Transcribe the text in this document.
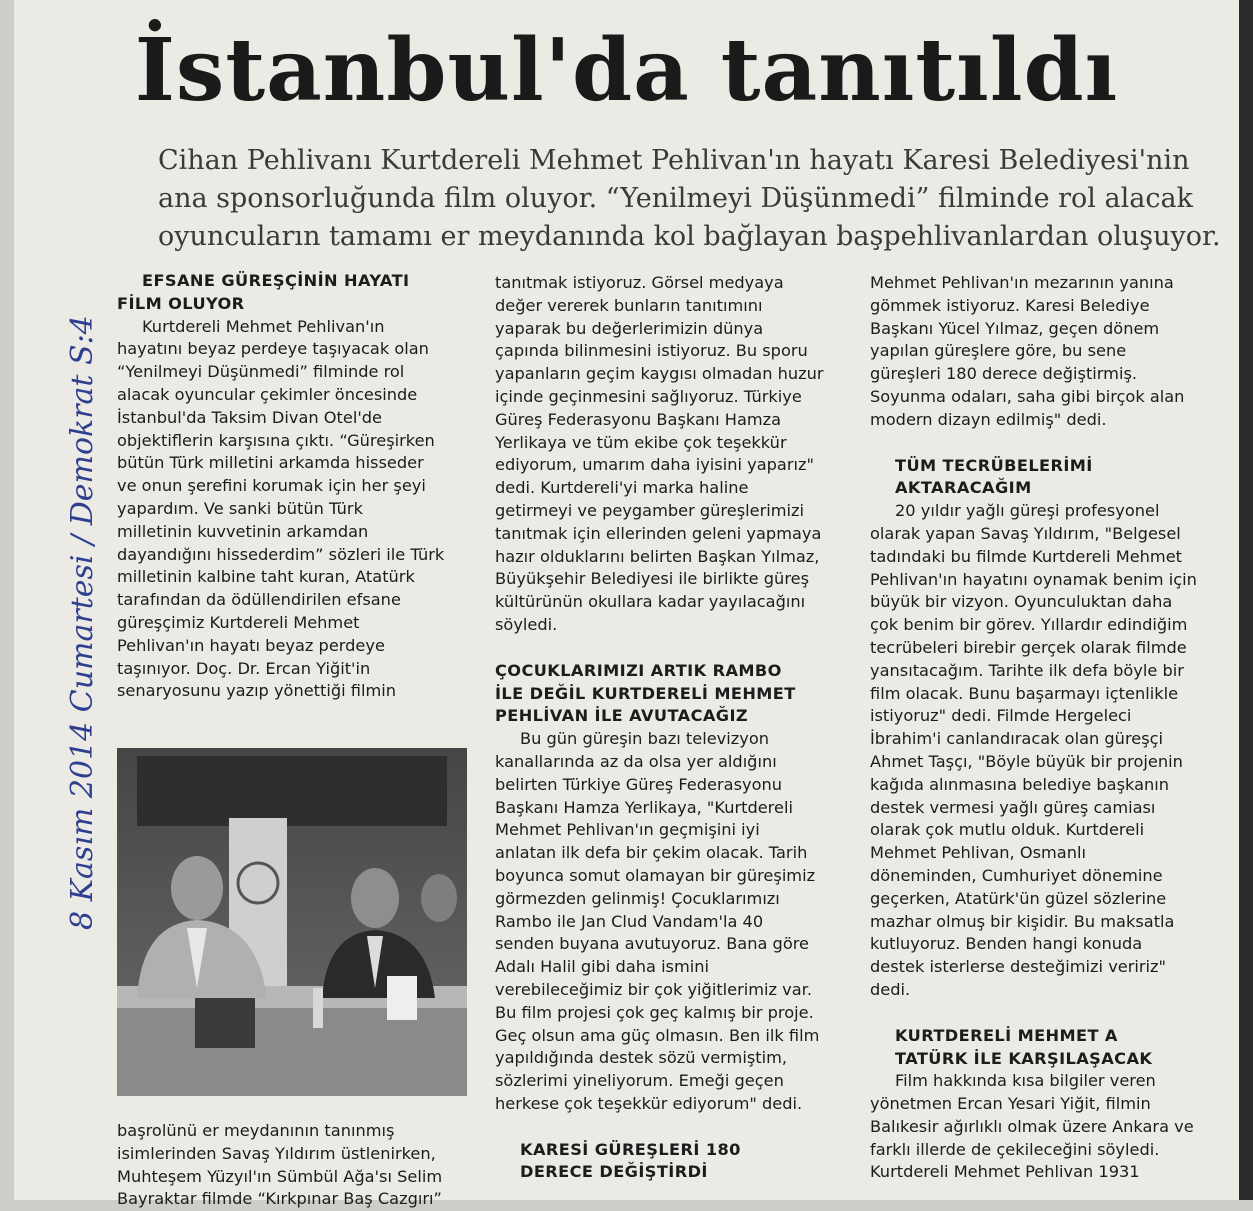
İstanbul'da tanıtıldı
Cihan Pehlivanı Kurtdereli Mehmet Pehlivan'ın hayatı Karesi Belediyesi'nin
ana sponsorluğunda film oluyor. “Yenilmeyi Düşünmedi” filminde rol alacak
oyuncuların tamamı er meydanında kol bağlayan başpehlivanlardan oluşuyor.
8 Kasım 2014 Cumartesi / Demokrat S:4
EFSANE GÜREŞÇİNİN HAYATI
FİLM OLUYOR
Kurtdereli Mehmet Pehlivan'ın
hayatını beyaz perdeye taşıyacak olan
“Yenilmeyi Düşünmedi” filminde rol
alacak oyuncular çekimler öncesinde
İstanbul'da Taksim Divan Otel'de
objektiflerin karşısına çıktı. “Güreşirken
bütün Türk milletini arkamda hisseder
ve onun şerefini korumak için her şeyi
yapardım. Ve sanki bütün Türk
milletinin kuvvetinin arkamdan
dayandığını hissederdim” sözleri ile Türk
milletinin kalbine taht kuran, Atatürk
tarafından da ödüllendirilen efsane
güreşçimiz Kurtdereli Mehmet
Pehlivan'ın hayatı beyaz perdeye
taşınıyor. Doç. Dr. Ercan Yiğit'in
senaryosunu yazıp yönettiği filmin
başrolünü er meydanının tanınmış
isimlerinden Savaş Yıldırım üstlenirken,
Muhteşem Yüzyıl'ın Sümbül Ağa'sı Selim
Bayraktar filmde “Kırkpınar Baş Cazgırı”
tanıtmak istiyoruz. Görsel medyaya
değer vererek bunların tanıtımını
yaparak bu değerlerimizin dünya
çapında bilinmesini istiyoruz. Bu sporu
yapanların geçim kaygısı olmadan huzur
içinde geçinmesini sağlıyoruz. Türkiye
Güreş Federasyonu Başkanı Hamza
Yerlikaya ve tüm ekibe çok teşekkür
ediyorum, umarım daha iyisini yaparız"
dedi. Kurtdereli'yi marka haline
getirmeyi ve peygamber güreşlerimizi
tanıtmak için ellerinden geleni yapmaya
hazır olduklarını belirten Başkan Yılmaz,
Büyükşehir Belediyesi ile birlikte güreş
kültürünün okullara kadar yayılacağını
söyledi.
ÇOCUKLARIMIZI ARTIK RAMBO
İLE DEĞİL KURTDERELİ MEHMET
PEHLİVAN İLE AVUTACAĞIZ
Bu gün güreşin bazı televizyon
kanallarında az da olsa yer aldığını
belirten Türkiye Güreş Federasyonu
Başkanı Hamza Yerlikaya, "Kurtdereli
Mehmet Pehlivan'ın geçmişini iyi
anlatan ilk defa bir çekim olacak. Tarih
boyunca somut olamayan bir güreşimiz
görmezden gelinmiş! Çocuklarımızı
Rambo ile Jan Clud Vandam'la 40
senden buyana avutuyoruz. Bana göre
Adalı Halil gibi daha ismini
verebileceğimiz bir çok yiğitlerimiz var.
Bu film projesi çok geç kalmış bir proje.
Geç olsun ama güç olmasın. Ben ilk film
yapıldığında destek sözü vermiştim,
sözlerimi yineliyorum. Emeği geçen
herkese çok teşekkür ediyorum" dedi.
KARESİ GÜREŞLERİ 180
DERECE DEĞİŞTİRDİ
Mehmet Pehlivan'ın mezarının yanına
gömmek istiyoruz. Karesi Belediye
Başkanı Yücel Yılmaz, geçen dönem
yapılan güreşlere göre, bu sene
güreşleri 180 derece değiştirmiş.
Soyunma odaları, saha gibi birçok alan
modern dizayn edilmiş" dedi.
TÜM TECRÜBELERİMİ
AKTARACAĞIM
20 yıldır yağlı güreşi profesyonel
olarak yapan Savaş Yıldırım, "Belgesel
tadındaki bu filmde Kurtdereli Mehmet
Pehlivan'ın hayatını oynamak benim için
büyük bir vizyon. Oyunculuktan daha
çok benim bir görev. Yıllardır edindiğim
tecrübeleri birebir gerçek olarak filmde
yansıtacağım. Tarihte ilk defa böyle bir
film olacak. Bunu başarmayı içtenlikle
istiyoruz" dedi. Filmde Hergeleci
İbrahim'i canlandıracak olan güreşçi
Ahmet Taşçı, "Böyle büyük bir projenin
kağıda alınmasına belediye başkanın
destek vermesi yağlı güreş camiası
olarak çok mutlu olduk. Kurtdereli
Mehmet Pehlivan, Osmanlı
döneminden, Cumhuriyet dönemine
geçerken, Atatürk'ün güzel sözlerine
mazhar olmuş bir kişidir. Bu maksatla
kutluyoruz. Benden hangi konuda
destek isterlerse desteğimizi veririz"
dedi.
KURTDERELİ MEHMET A
TATÜRK İLE KARŞILAŞACAK
Film hakkında kısa bilgiler veren
yönetmen Ercan Yesari Yiğit, filmin
Balıkesir ağırlıklı olmak üzere Ankara ve
farklı illerde de çekileceğini söyledi.
Kurtdereli Mehmet Pehlivan 1931
